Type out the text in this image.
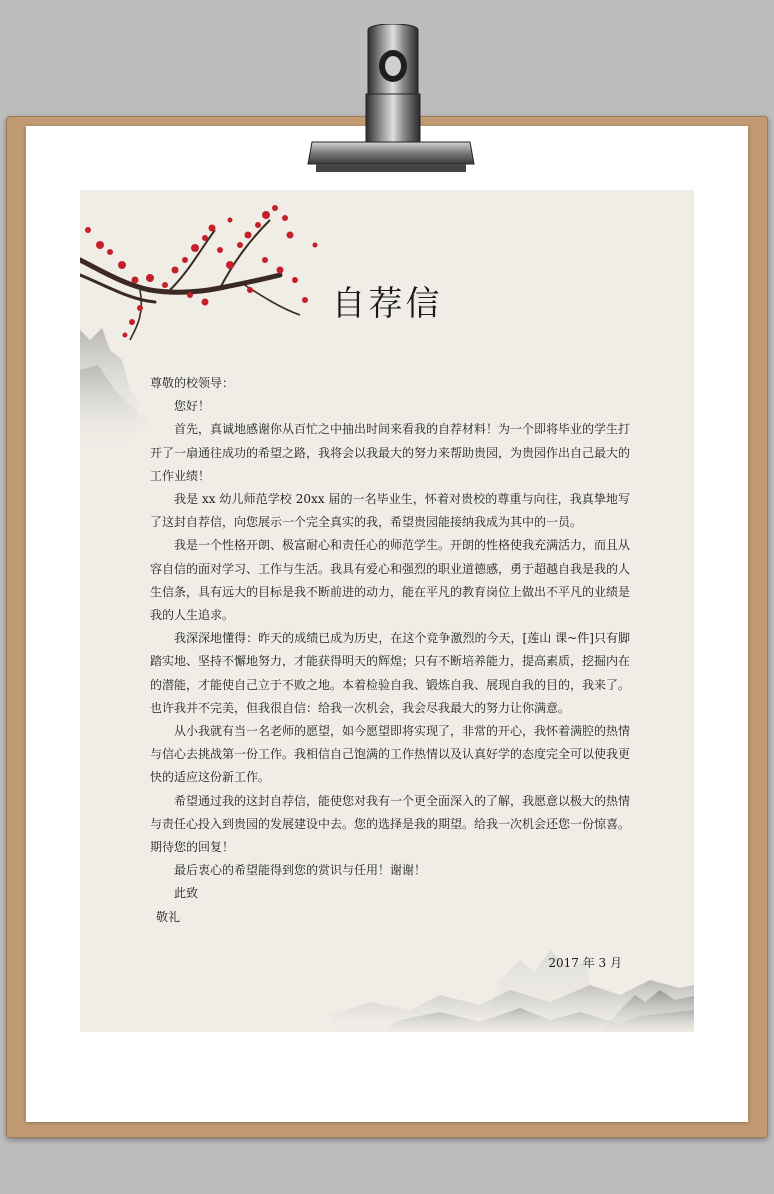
自荐信

尊敬的校领导：

您好！

首先，真诚地感谢你从百忙之中抽出时间来看我的自荐材料！为一个即将毕业的学生打开了一扇通往成功的希望之路，我将会以我最大的努力来帮助贵园，为贵园作出自己最大的工作业绩！

我是 xx 幼儿师范学校 20xx 届的一名毕业生，怀着对贵校的尊重与向往，我真挚地写了这封自荐信，向您展示一个完全真实的我，希望贵园能接纳我成为其中的一员。

我是一个性格开朗、极富耐心和责任心的师范学生。开朗的性格使我充满活力，而且从容自信的面对学习、工作与生活。我具有爱心和强烈的职业道德感，勇于超越自我是我的人生信条，具有远大的目标是我不断前进的动力，能在平凡的教育岗位上做出不平凡的业绩是我的人生追求。

我深深地懂得：昨天的成绩已成为历史，在这个竞争激烈的今天，[莲山 课~件]只有脚踏实地、坚持不懈地努力，才能获得明天的辉煌；只有不断培养能力，提高素质，挖掘内在的潜能，才能使自己立于不败之地。本着检验自我、锻炼自我、展现自我的目的，我来了。也许我并不完美，但我很自信：给我一次机会，我会尽我最大的努力让你满意。

从小我就有当一名老师的愿望，如今愿望即将实现了，非常的开心，我怀着满腔的热情与信心去挑战第一份工作。我相信自己饱满的工作热情以及认真好学的态度完全可以使我更快的适应这份新工作。

希望通过我的这封自荐信，能使您对我有一个更全面深入的了解，我愿意以极大的热情与责任心投入到贵园的发展建设中去。您的选择是我的期望。给我一次机会还您一份惊喜。 期待您的回复！

最后衷心的希望能得到您的赏识与任用！谢谢！

此致

敬礼

2017 年 3 月
